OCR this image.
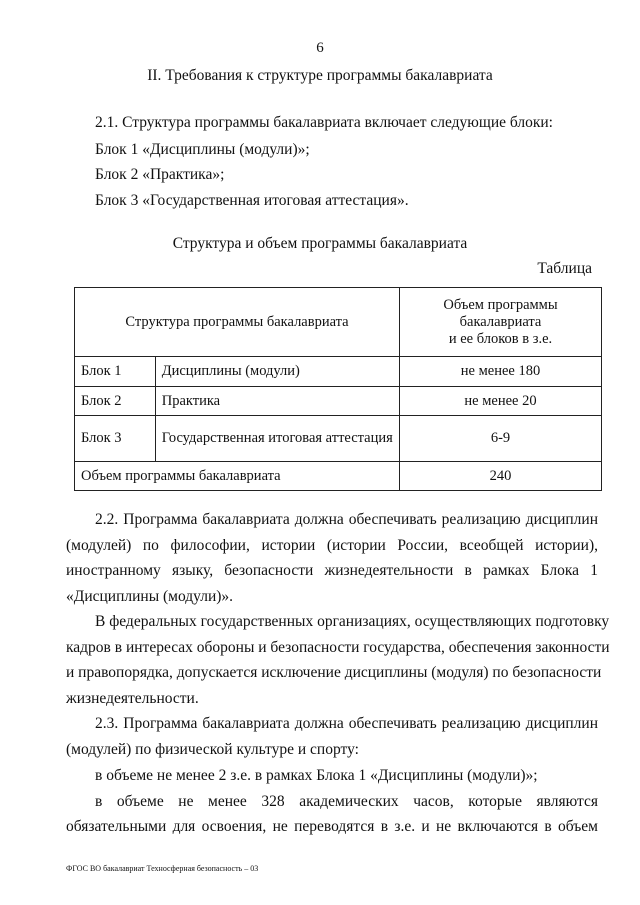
6
II. Требования к структуре программы бакалавриата
2.1. Структура программы бакалавриата включает следующие блоки:
Блок 1 «Дисциплины (модули)»;
Блок 2 «Практика»;
Блок 3 «Государственная итоговая аттестация».
Структура и объем программы бакалавриата
Таблица
Структура программы бакалавриата		Объем программы
бакалавриата
и ее блоков в з.е.

Блок 1	Дисциплины (модули)	не менее 180
Блок 2	Практика	не менее 20
Блок 3	Государственная итоговая аттестация	6-9
Объем программы бакалавриата		240
2.2. Программа бакалавриата должна обеспечивать реализацию дисциплин
(модулей) по философии, истории (истории России, всеобщей истории),
иностранному языку, безопасности жизнедеятельности в рамках Блока 1
«Дисциплины (модули)».
В федеральных государственных организациях, осуществляющих подготовку
кадров в интересах обороны и безопасности государства, обеспечения законности
и правопорядка, допускается исключение дисциплины (модуля) по безопасности
жизнедеятельности.
2.3. Программа бакалавриата должна обеспечивать реализацию дисциплин
(модулей) по физической культуре и спорту:
в объеме не менее 2 з.е. в рамках Блока 1 «Дисциплины (модули)»;
в объеме не менее 328 академических часов, которые являются
обязательными для освоения, не переводятся в з.е. и не включаются в объем
ФГОС ВО бакалавриат Техносферная безопасность – 03
